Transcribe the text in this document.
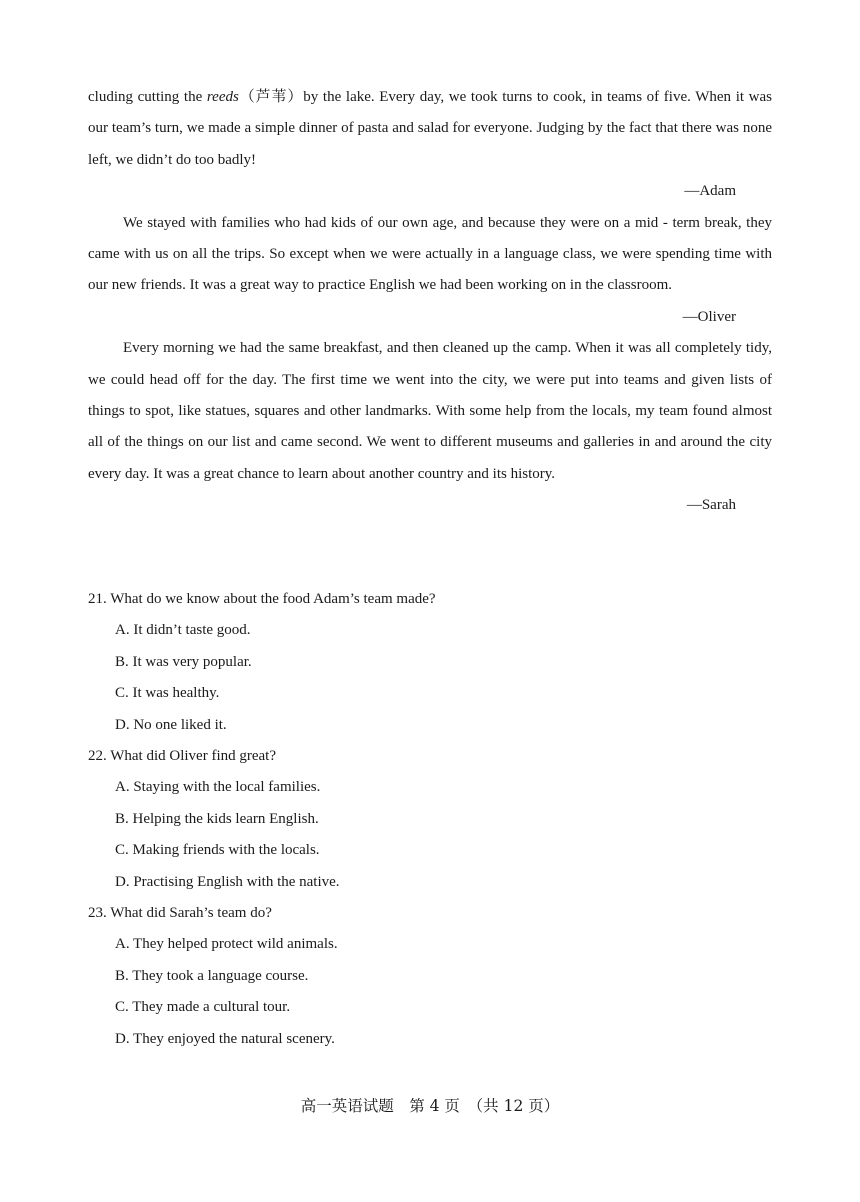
cluding cutting the reeds（芦苇）by the lake. Every day, we took turns to cook, in teams of five. When it was our team’s turn, we made a simple dinner of pasta and salad for everyone. Judging by the fact that there was none left, we didn’t do too badly!

—Adam

We stayed with families who had kids of our own age, and because they were on a mid - term break, they came with us on all the trips. So except when we were actually in a language class, we were spending time with our new friends. It was a great way to practice English we had been working on in the classroom.

—Oliver

Every morning we had the same breakfast, and then cleaned up the camp. When it was all completely tidy, we could head off for the day. The first time we went into the city, we were put into teams and given lists of things to spot, like statues, squares and other landmarks. With some help from the locals, my team found almost all of the things on our list and came second. We went to different museums and galleries in and around the city every day. It was a great chance to learn about another country and its history.

—Sarah

21. What do we know about the food Adam’s team made?

A. It didn’t taste good.

B. It was very popular.

C. It was healthy.

D. No one liked it.

22. What did Oliver find great?

A. Staying with the local families.

B. Helping the kids learn English.

C. Making friends with the locals.

D. Practising English with the native.

23. What did Sarah’s team do?

A. They helped protect wild animals.

B. They took a language course.

C. They made a cultural tour.

D. They enjoyed the natural scenery.

高一英语试题　第 4 页　（共 12 页）
